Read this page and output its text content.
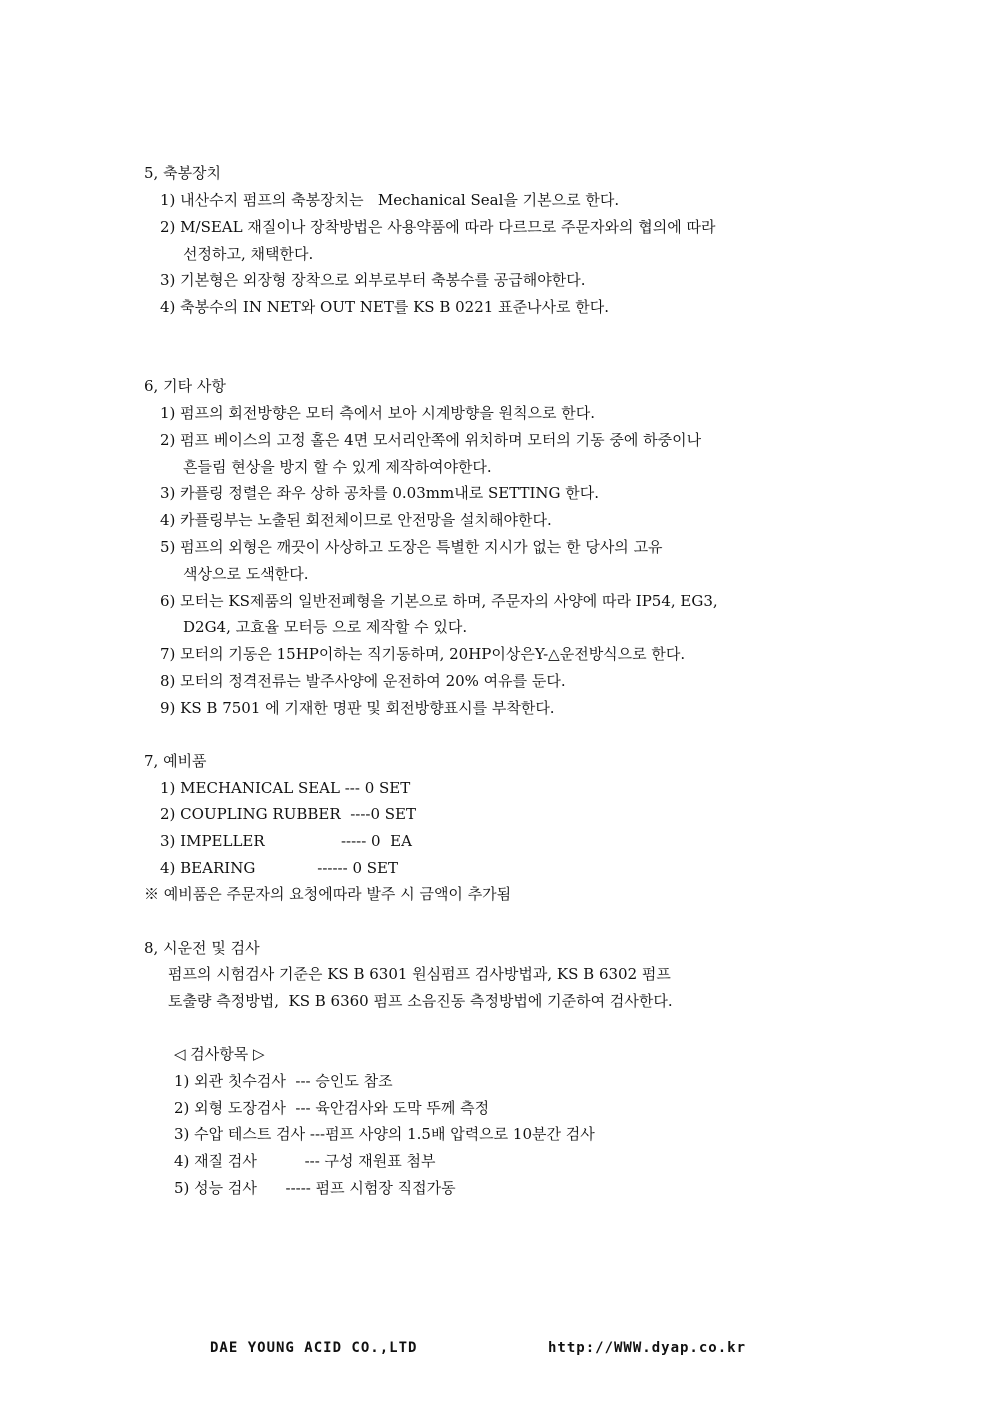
5, 축봉장치
1) 내산수지 펌프의 축봉장치는   Mechanical Seal을 기본으로 한다.
2) M/SEAL 재질이나 장착방법은 사용약품에 따라 다르므로 주문자와의 협의에 따라
선정하고, 채택한다.
3) 기본형은 외장형 장착으로 외부로부터 축봉수를 공급해야한다.
4) 축봉수의 IN NET와 OUT NET를 KS B 0221 표준나사로 한다.
6, 기타 사항
1) 펌프의 회전방향은 모터 측에서 보아 시계방향을 원칙으로 한다.
2) 펌프 베이스의 고정 홀은 4면 모서리안쪽에 위치하며 모터의 기동 중에 하중이나
흔들림 현상을 방지 할 수 있게 제작하여야한다.
3) 카플링 정렬은 좌우 상하 공차를 0.03mm내로 SETTING 한다.
4) 카플링부는 노출된 회전체이므로 안전망을 설치해야한다.
5) 펌프의 외형은 깨끗이 사상하고 도장은 특별한 지시가 없는 한 당사의 고유
색상으로 도색한다.
6) 모터는 KS제품의 일반전폐형을 기본으로 하며, 주문자의 사양에 따라 IP54, EG3,
D2G4, 고효율 모터등 으로 제작할 수 있다.
7) 모터의 기동은 15HP이하는 직기동하며, 20HP이상은Y-△운전방식으로 한다.
8) 모터의 정격전류는 발주사양에 운전하여 20% 여유를 둔다.
9) KS B 7501 에 기재한 명판 및 회전방향표시를 부착한다.
7, 예비품
1) MECHANICAL SEAL --- 0 SET
2) COUPLING RUBBER  ----0 SET
3) IMPELLER                ----- 0  EA
4) BEARING             ------ 0 SET
※ 예비품은 주문자의 요청에따라 발주 시 금액이 추가됨
8, 시운전 및 검사
펌프의 시험검사 기준은 KS B 6301 원심펌프 검사방법과, KS B 6302 펌프
토출량 측정방법,  KS B 6360 펌프 소음진동 측정방법에 기준하여 검사한다.
◁ 검사항목 ▷
1) 외관 칫수검사  --- 승인도 참조
2) 외형 도장검사  --- 육안검사와 도막 뚜께 측정
3) 수압 테스트 검사 ---펌프 사양의 1.5배 압력으로 10분간 검사
4) 재질 검사          --- 구성 재원표 첨부
5) 성능 검사      ----- 펌프 시험장 직접가동
DAE YOUNG ACID CO.,LTD	http://WWW.dyap.co.kr
